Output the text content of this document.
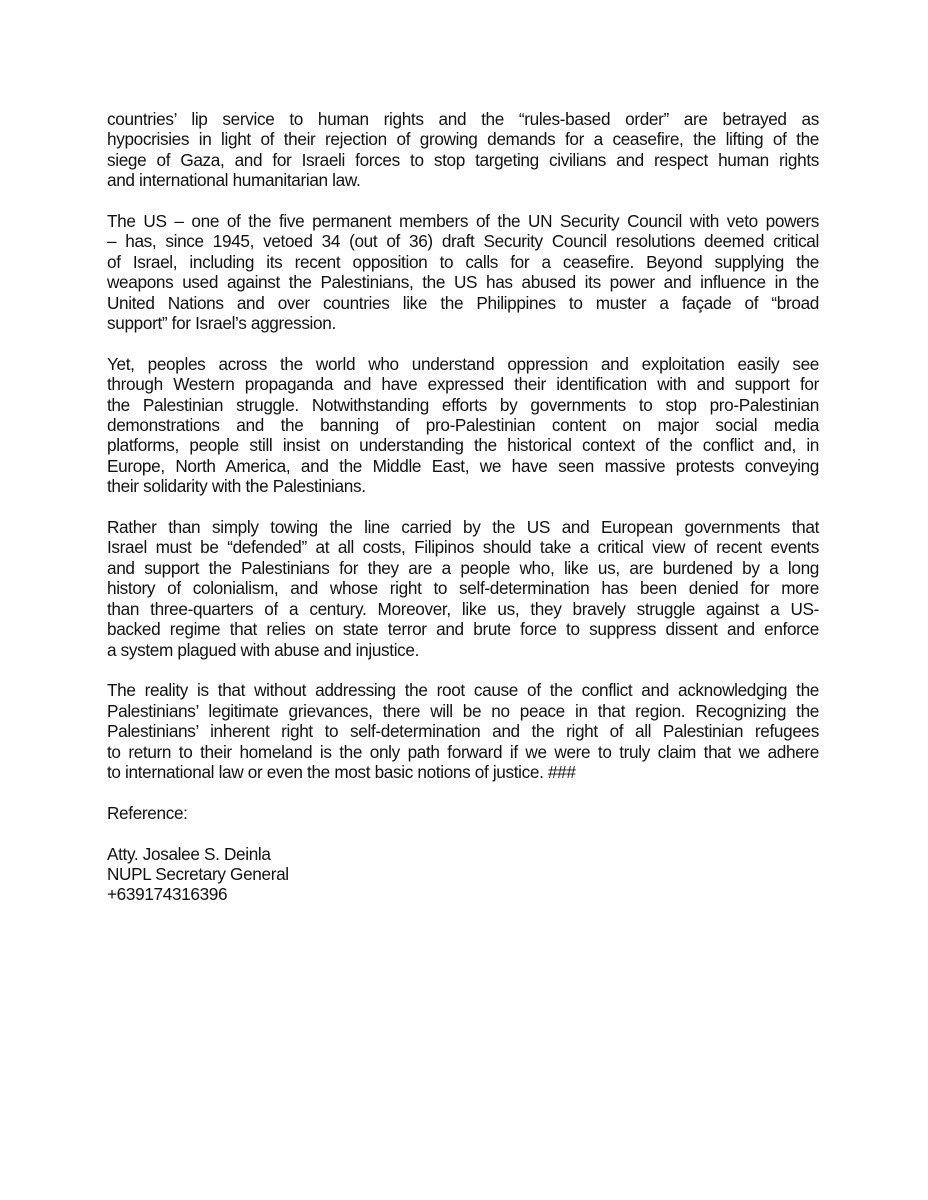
countries’ lip service to human rights and the “rules-based order” are betrayed as
hypocrisies in light of their rejection of growing demands for a ceasefire, the lifting of the
siege of Gaza, and for Israeli forces to stop targeting civilians and respect human rights
and international humanitarian law.

The US – one of the five permanent members of the UN Security Council with veto powers
– has, since 1945, vetoed 34 (out of 36) draft Security Council resolutions deemed critical
of Israel, including its recent opposition to calls for a ceasefire. Beyond supplying the
weapons used against the Palestinians, the US has abused its power and influence in the
United Nations and over countries like the Philippines to muster a façade of “broad
support” for Israel’s aggression.

Yet, peoples across the world who understand oppression and exploitation easily see
through Western propaganda and have expressed their identification with and support for
the Palestinian struggle. Notwithstanding efforts by governments to stop pro-Palestinian
demonstrations and the banning of pro-Palestinian content on major social media
platforms, people still insist on understanding the historical context of the conflict and, in
Europe, North America, and the Middle East, we have seen massive protests conveying
their solidarity with the Palestinians.

Rather than simply towing the line carried by the US and European governments that
Israel must be “defended” at all costs, Filipinos should take a critical view of recent events
and support the Palestinians for they are a people who, like us, are burdened by a long
history of colonialism, and whose right to self-determination has been denied for more
than three-quarters of a century. Moreover, like us, they bravely struggle against a US-
backed regime that relies on state terror and brute force to suppress dissent and enforce
a system plagued with abuse and injustice.

The reality is that without addressing the root cause of the conflict and acknowledging the
Palestinians’ legitimate grievances, there will be no peace in that region. Recognizing the
Palestinians’ inherent right to self-determination and the right of all Palestinian refugees
to return to their homeland is the only path forward if we were to truly claim that we adhere
to international law or even the most basic notions of justice. ###

Reference:

Atty. Josalee S. Deinla
NUPL Secretary General
+639174316396
